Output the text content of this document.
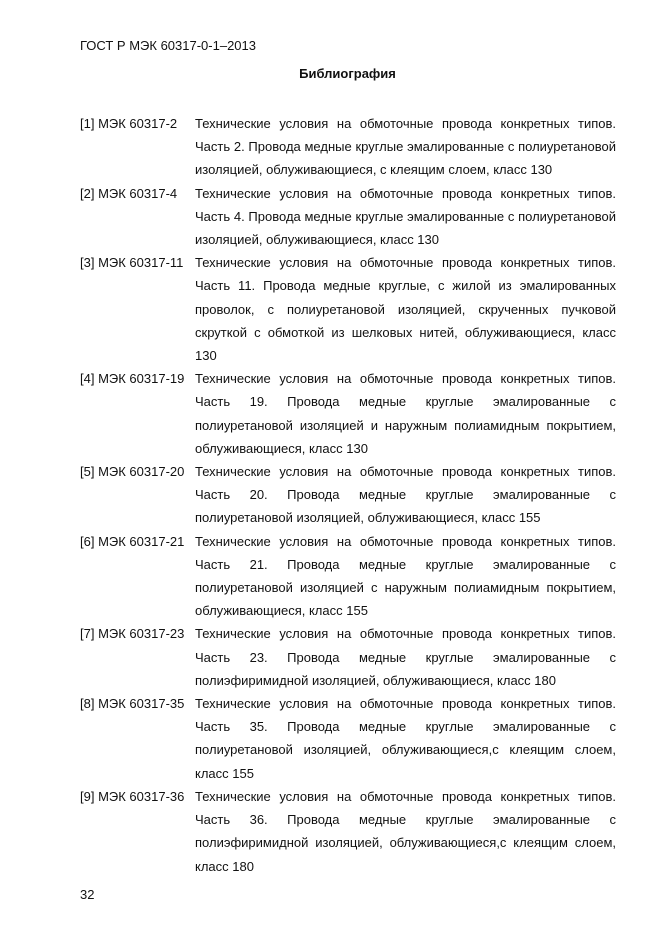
ГОСТ Р МЭК 60317-0-1–2013
Библиография
[1] МЭК 60317-2	Технические условия на обмоточные провода конкретных типов. Часть 2. Провода медные круглые эмалированные с полиуретановой изоляцией, облуживающиеся, с клеящим слоем, класс 130
[2] МЭК 60317-4	Технические условия на обмоточные провода конкретных типов. Часть 4. Провода медные круглые эмалированные с полиуретановой изоляцией, облуживающиеся, класс 130
[3] МЭК 60317-11 Технические условия на обмоточные провода конкретных типов. Часть 11. Провода медные круглые, с жилой из эмалированных проволок, с полиуретановой изоляцией, скрученных пучковой скруткой с обмоткой из шелковых нитей, облуживающиеся, класс 130
[4] МЭК 60317-19 Технические условия на обмоточные провода конкретных типов. Часть 19. Провода медные круглые эмалированные с полиуретановой изоляцией и наружным полиамидным покрытием, облуживающиеся, класс 130
[5] МЭК 60317-20 Технические условия на обмоточные провода конкретных типов. Часть 20. Провода медные круглые эмалированные с полиуретановой изоляцией, облуживающиеся, класс 155
[6] МЭК 60317-21 Технические условия на обмоточные провода конкретных типов. Часть 21. Провода медные круглые эмалированные с полиуретановой изоляцией с наружным полиамидным покрытием, облуживающиеся, класс 155
[7] МЭК 60317-23 Технические условия на обмоточные провода конкретных типов. Часть 23. Провода медные круглые эмалированные с полиэфиримидной изоляцией, облуживающиеся, класс 180
[8] МЭК 60317-35 Технические условия на обмоточные провода конкретных типов. Часть 35. Провода медные круглые эмалированные с полиуретановой изоляцией, облуживающиеся,с клеящим слоем, класс 155
[9] МЭК 60317-36 Технические условия на обмоточные провода конкретных типов. Часть 36. Провода медные круглые эмалированные с полиэфиримидной изоляцией, облуживающиеся,с клеящим слоем, класс 180
32
